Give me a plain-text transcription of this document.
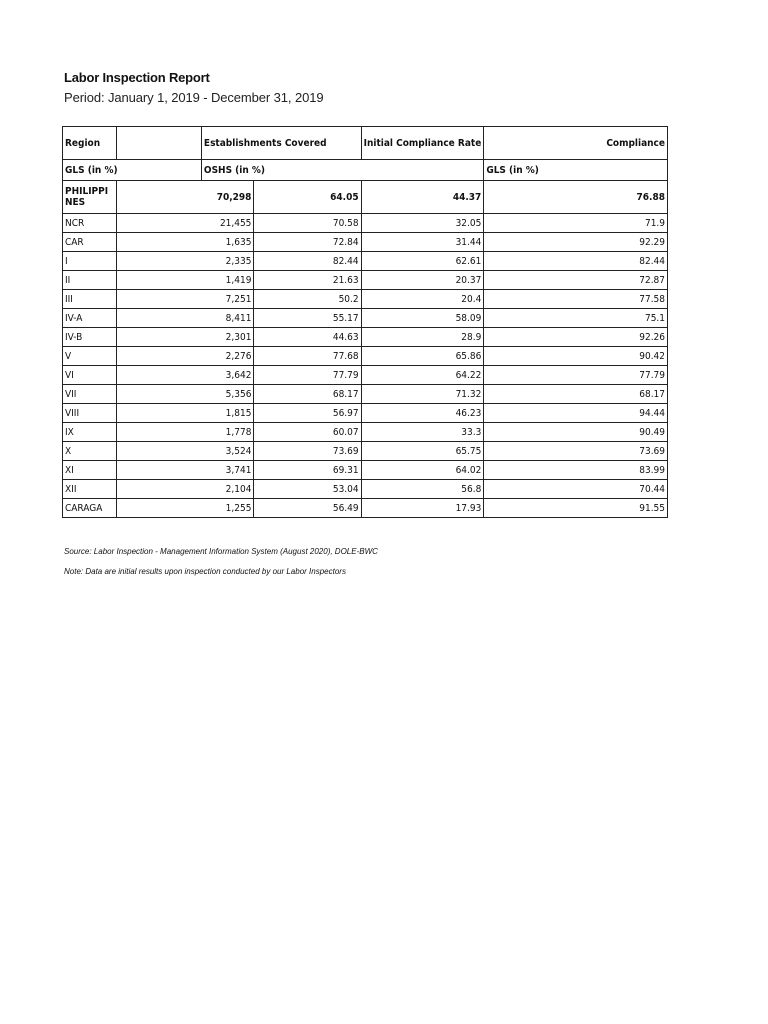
Labor Inspection Report
Period: January 1, 2019 - December 31, 2019
Region		Establishments Covered		Initial Compliance Rate	Compliance
GLS (in %)		OSHS (in %)			GLS (in %)
PHILIPPINES	70,298		64.05	44.37	76.88
NCR	21,455		70.58	32.05	71.9
CAR	1,635		72.84	31.44	92.29
I	2,335		82.44	62.61	82.44
II	1,419		21.63	20.37	72.87
III	7,251		50.2	20.4	77.58
IV-A	8,411		55.17	58.09	75.1
IV-B	2,301		44.63	28.9	92.26
V	2,276		77.68	65.86	90.42
VI	3,642		77.79	64.22	77.79
VII	5,356		68.17	71.32	68.17
VIII	1,815		56.97	46.23	94.44
IX	1,778		60.07	33.3	90.49
X	3,524		73.69	65.75	73.69
XI	3,741		69.31	64.02	83.99
XII	2,104		53.04	56.8	70.44
CARAGA	1,255		56.49	17.93	91.55
Source: Labor Inspection - Management Information System (August 2020), DOLE-BWC
Note: Data are initial results upon inspection conducted by our Labor Inspectors
